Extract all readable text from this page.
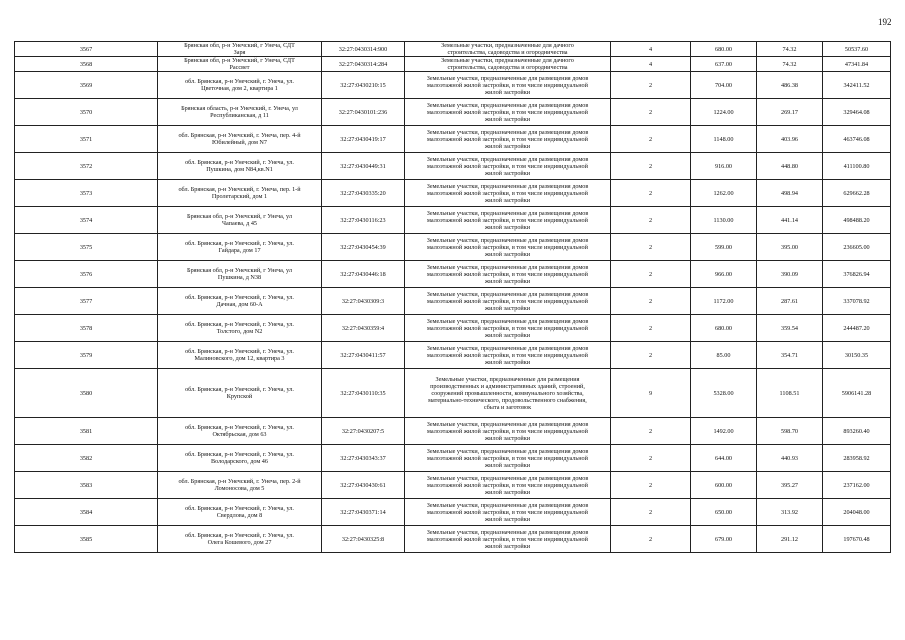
192
3567	Брянская обл, р-н Унечский, г Унеча, СДТ
Заря	32:27:0430314:900	Земельные участки, предназначенные для дачного
строительства, садоводства и огородничества	4	680.00	74.32	50537.60
3568	Брянская обл, р-н Унечский, г Унеча, СДТ
Рассвет	32:27:0430314:284	Земельные участки, предназначенные для дачного
строительства, садоводства и огородничества	4	637.00	74.32	47341.84
3569	обл. Брянская, р-н Унечский, г. Унеча, ул.
Цветочная, дом 2, квартира 1	32:27:0430210:15	Земельные участки, предназначенные для размещения домов
малоэтажной жилой застройки, в том числе индивидуальной
жилой застройки	2	704.00	486.38	342411.52
3570	Брянская область, р-н Унечский, г. Унеча, ул
Республиканская, д 11	32:27:0430101:236	Земельные участки, предназначенные для размещения домов
малоэтажной жилой застройки, в том числе индивидуальной
жилой застройки	2	1224.00	269.17	329464.08
3571	обл. Брянская, р-н Унечский, г. Унеча, пер. 4-й
Юбилейный, дом N7	32:27:0430419:17	Земельные участки, предназначенные для размещения домов
малоэтажной жилой застройки, в том числе индивидуальной
жилой застройки	2	1148.00	403.96	463746.08
3572	обл. Брянская, р-н Унечский, г. Унеча, ул.
Пушкина, дом N84,кв.N1	32:27:0430449:31	Земельные участки, предназначенные для размещения домов
малоэтажной жилой застройки, в том числе индивидуальной
жилой застройки	2	916.00	448.80	411100.80
3573	обл. Брянская, р-н Унечский, г. Унеча, пер. 1-й
Пролетарский, дом 1	32:27:0430335:20	Земельные участки, предназначенные для размещения домов
малоэтажной жилой застройки, в том числе индивидуальной
жилой застройки	2	1262.00	498.94	629662.28
3574	Брянская обл, р-н Унечский, г Унеча, ул
Чапаева, д 45	32:27:0430116:23	Земельные участки, предназначенные для размещения домов
малоэтажной жилой застройки, в том числе индивидуальной
жилой застройки	2	1130.00	441.14	498488.20
3575	обл. Брянская, р-н Унечский, г. Унеча, ул.
Гайдара, дом 17	32:27:0430454:39	Земельные участки, предназначенные для размещения домов
малоэтажной жилой застройки, в том числе индивидуальной
жилой застройки	2	599.00	395.00	236605.00
3576	Брянская обл, р-н Унечский, г Унеча, ул
Пушкина, д N38	32:27:0430446:18	Земельные участки, предназначенные для размещения домов
малоэтажной жилой застройки, в том числе индивидуальной
жилой застройки	2	966.00	390.09	376826.94
3577	обл. Брянская, р-н Унечский, г. Унеча, ул.
Дачная, дом 60-А	32:27:0430309:3	Земельные участки, предназначенные для размещения домов
малоэтажной жилой застройки, в том числе индивидуальной
жилой застройки	2	1172.00	287.61	337078.92
3578	обл. Брянская, р-н Унечский, г. Унеча, ул.
Толстого, дом N2	32:27:0430359:4	Земельные участки, предназначенные для размещения домов
малоэтажной жилой застройки, в том числе индивидуальной
жилой застройки	2	680.00	359.54	244487.20
3579	обл. Брянская, р-н Унечский, г. Унеча, ул.
Малиновского, дом 12, квартира 3	32:27:0430411:57	Земельные участки, предназначенные для размещения домов
малоэтажной жилой застройки, в том числе индивидуальной
жилой застройки	2	85.00	354.71	30150.35
3580	обл. Брянская, р-н Унечский, г. Унеча, ул.
Крупской	32:27:0430110:35	Земельные участки, предназначенные для размещения
производственных и административных зданий, строений,
сооружений промышленности, коммунального хозяйства,
материально-технического, продовольственного снабжения,
сбыта и заготовок	9	5328.00	1108.51	5906141.28
3581	обл. Брянская, р-н Унечский, г. Унеча, ул.
Октябрьская, дом 63	32:27:0430207:5	Земельные участки, предназначенные для размещения домов
малоэтажной жилой застройки, в том числе индивидуальной
жилой застройки	2	1492.00	598.70	893260.40
3582	обл. Брянская, р-н Унечский, г. Унеча, ул.
Володарского, дом 46	32:27:0430343:37	Земельные участки, предназначенные для размещения домов
малоэтажной жилой застройки, в том числе индивидуальной
жилой застройки	2	644.00	440.93	283958.92
3583	обл. Брянская, р-н Унечский, г. Унеча, пер. 2-й
Ломоносова, дом 5	32:27:0430430:61	Земельные участки, предназначенные для размещения домов
малоэтажной жилой застройки, в том числе индивидуальной
жилой застройки	2	600.00	395.27	237162.00
3584	обл. Брянская, р-н Унечский, г. Унеча, ул.
Свердлова, дом 8	32:27:0430371:14	Земельные участки, предназначенные для размещения домов
малоэтажной жилой застройки, в том числе индивидуальной
жилой застройки	2	650.00	313.92	204048.00
3585	обл. Брянская, р-н Унечский, г. Унеча, ул.
Олега Кошевого, дом 27	32:27:0430325:8	Земельные участки, предназначенные для размещения домов
малоэтажной жилой застройки, в том числе индивидуальной
жилой застройки	2	679.00	291.12	197670.48
